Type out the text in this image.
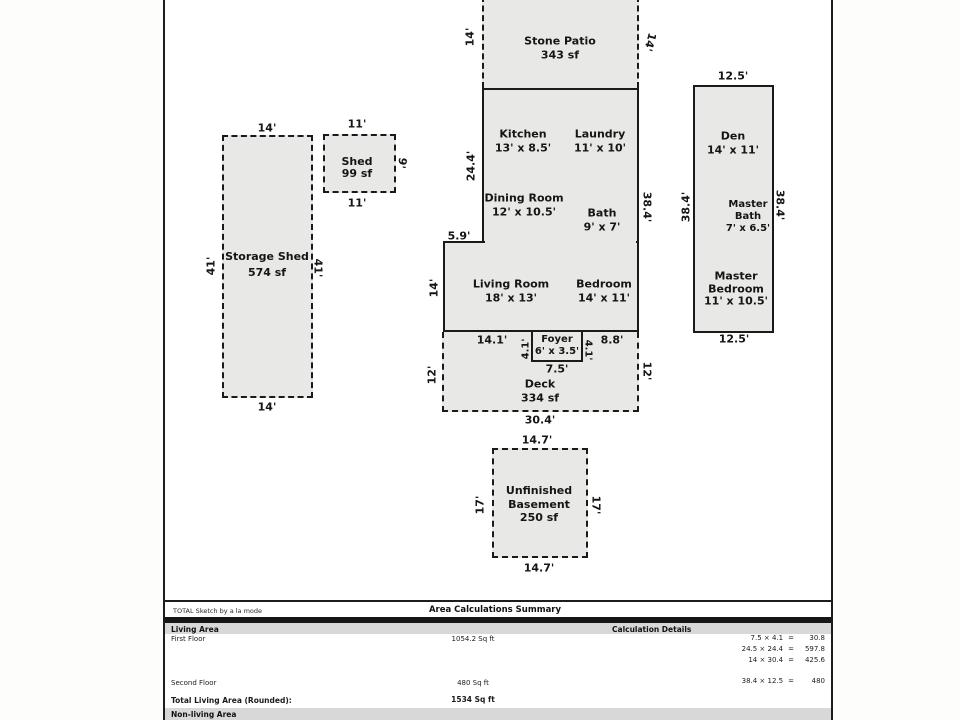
Stone Patio
343 sf
Kitchen
13' x 8.5'
Laundry
11' x 10'
Dining Room
12' x 10.5'	Bath
9' x 7'
Living Room
18' x 13'
Bedroom
14' x 11'
Foyer
6' x 3.5'
Deck
334 sf
Unfinished
Basement
250 sf
Storage Shed
574 sf
Shed
99 sf
Den
14' x 11'
Master
Bath
7' x 6.5'
Master
Bedroom
11' x 10.5'
14'	14'
24.4'
5.9'
14'
38.4'
14.1' 4.1'	4.1' 8.8'
7.5'
12'	12'
30.4'
14.7'
17'	17'
14.7'
14'
41'	41'
14'
11'
9'
11'
12.5'
38.4'	38.4'
12.5'
TOTAL Sketch by a la mode	Area Calculations Summary
Living Area	Calculation Details
First Floor	1054.2 Sq ft	7.5 × 4.1 =	30.8
24.5 × 24.4 =	597.8
14 × 30.4 =	425.6
38.4 × 12.5 =	480
Second Floor	480 Sq ft
Total Living Area (Rounded):	1534 Sq ft
Non-living Area
